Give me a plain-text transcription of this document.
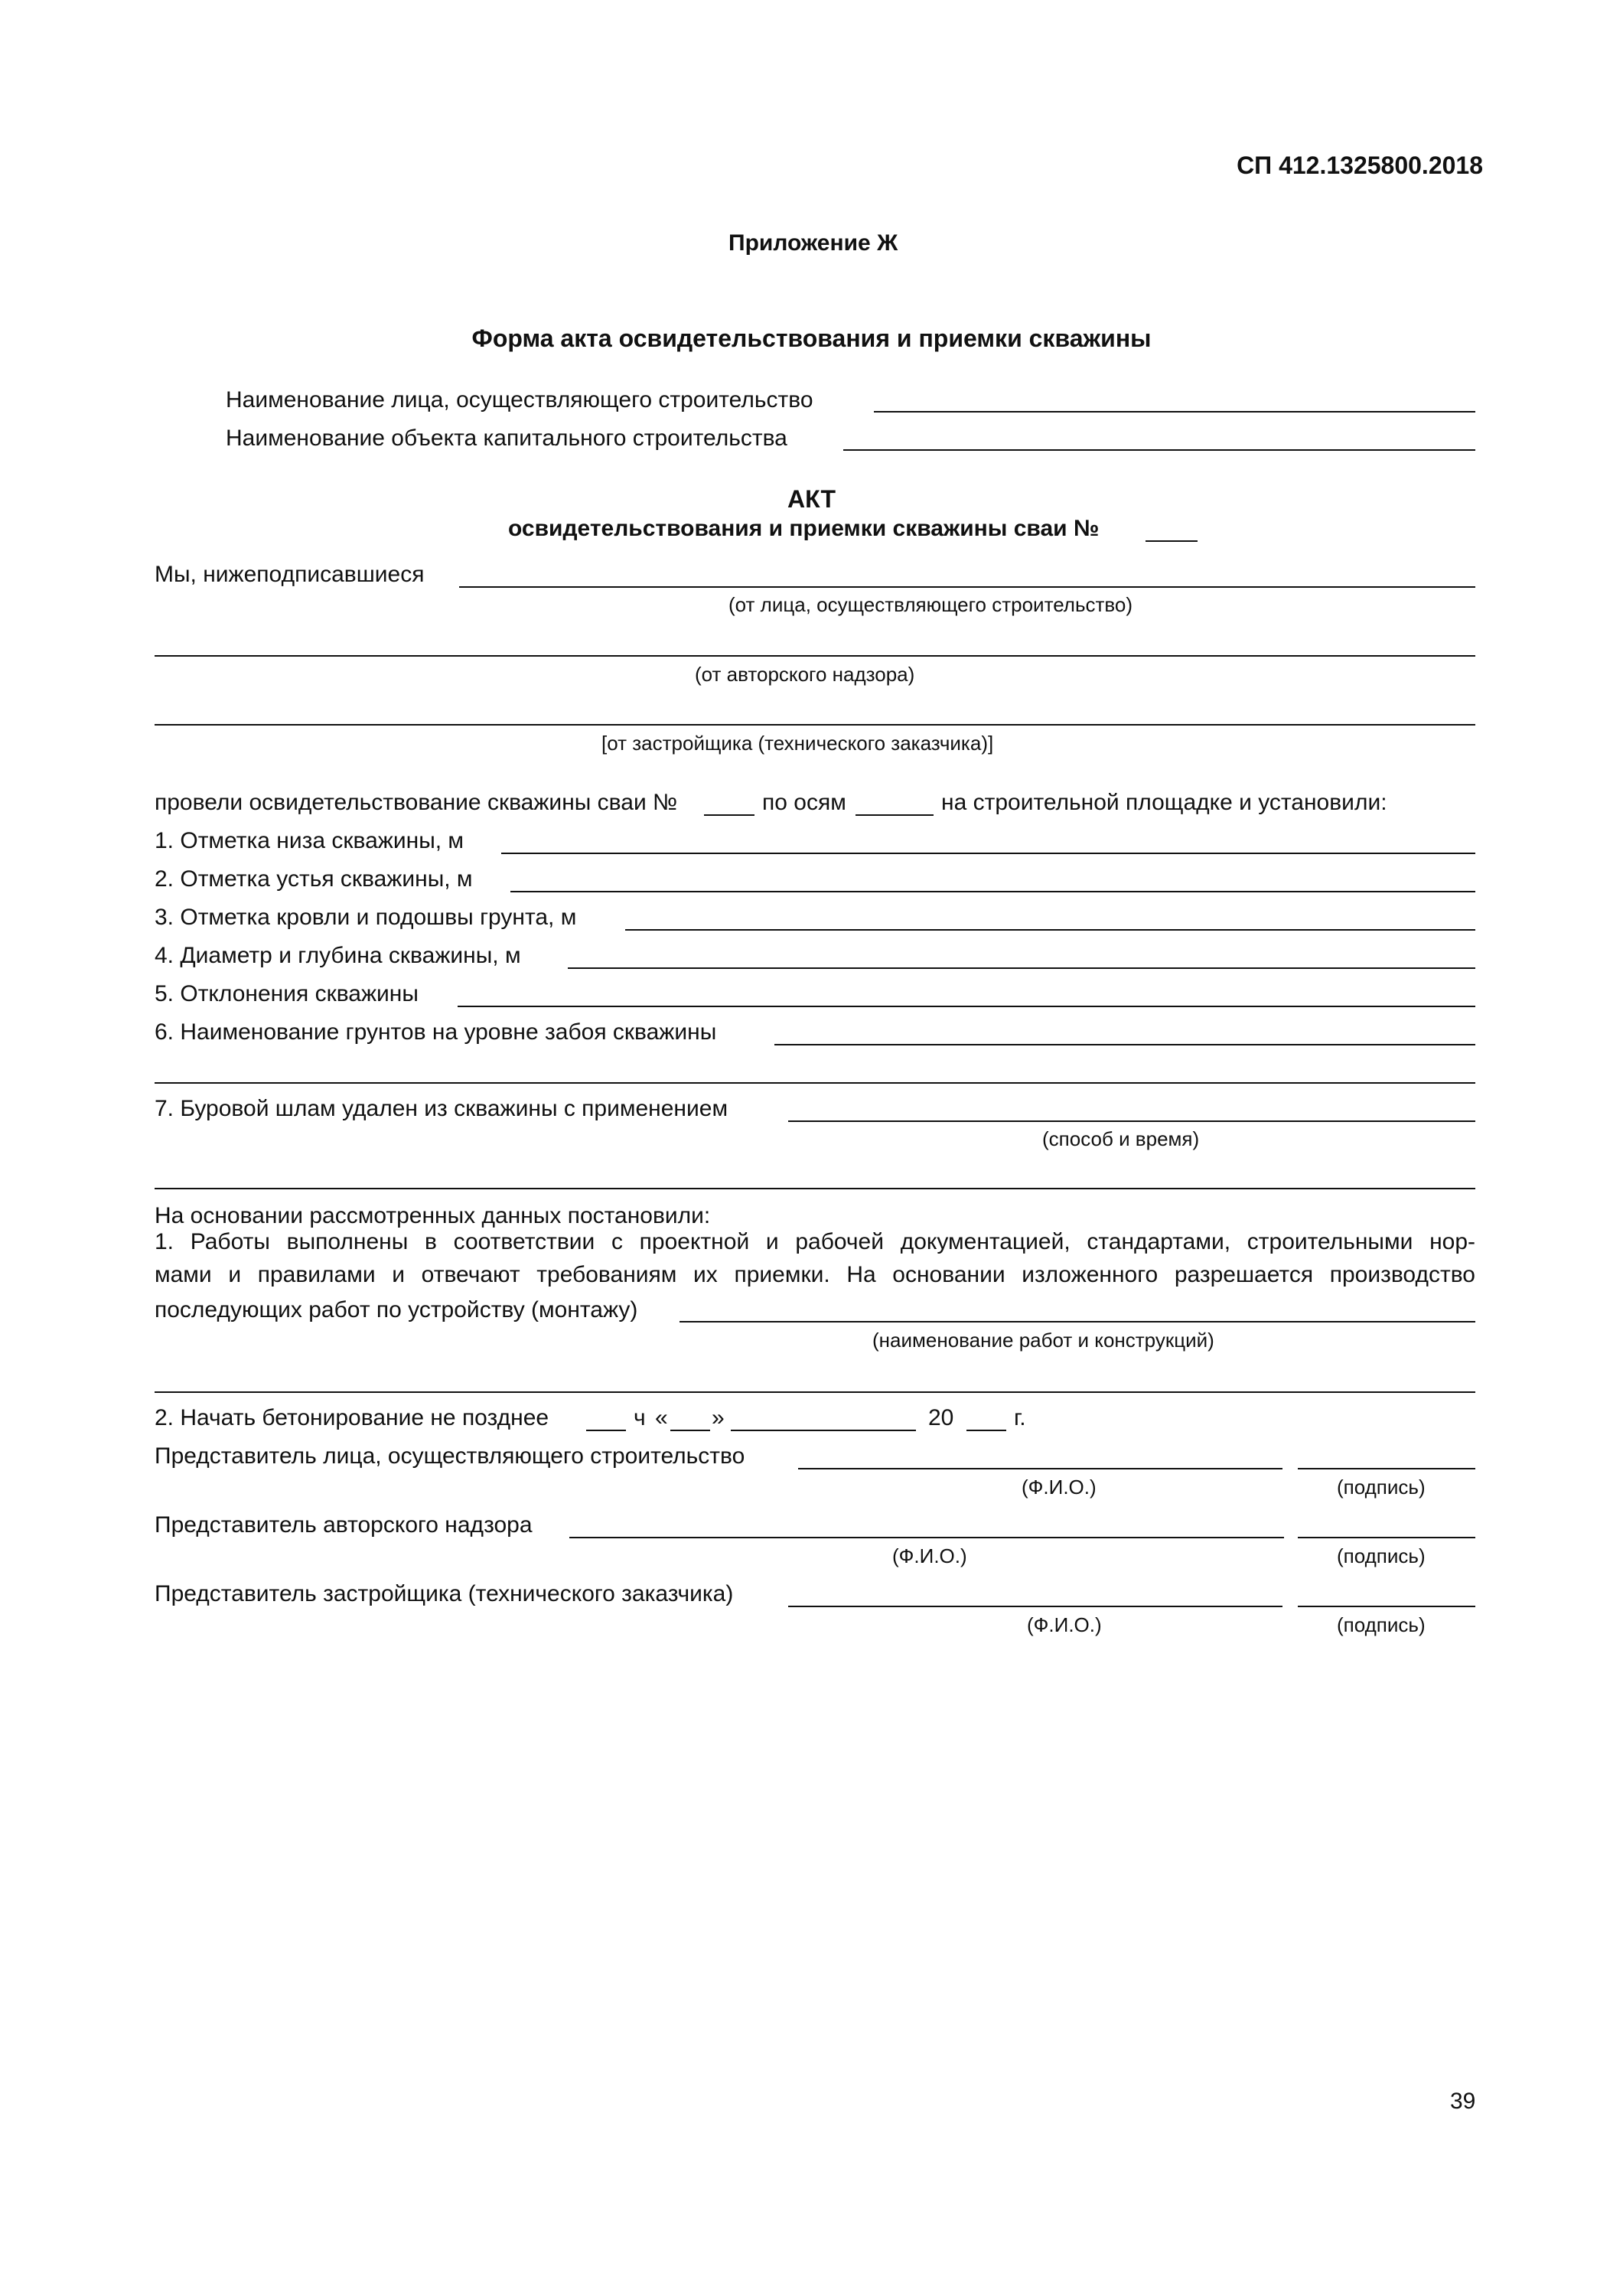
СП 412.1325800.2018
Приложение Ж
Форма акта освидетельствования и приемки скважины
Наименование лица, осуществляющего строительство
Наименование объекта капитального строительства
АКТ
освидетельствования и приемки скважины сваи №
Мы, нижеподписавшиеся
(от лица, осуществляющего строительство)
(от авторского надзора)
[от застройщика (технического заказчика)]
провели освидетельствование скважины сваи №	по осям	на строительной площадке и установили:
1. Отметка низа скважины, м
2. Отметка устья скважины, м
3. Отметка кровли и подошвы грунта, м
4. Диаметр и глубина скважины, м
5. Отклонения скважины
6. Наименование грунтов на уровне забоя скважины
7. Буровой шлам удален из скважины с применением
(способ и время)
На основании рассмотренных данных постановили:
1. Работы выполнены в соответствии с проектной и рабочей документацией, стандартами, строительными нор-
мами и правилами и отвечают требованиям их приемки. На основании изложенного разрешается производство
последующих работ по устройству (монтажу)
(наименование работ и конструкций)
2. Начать бетонирование не позднее	ч « »	20	г.
Представитель лица, осуществляющего строительство
(Ф.И.О.)	(подпись)
Представитель авторского надзора
(Ф.И.О.)	(подпись)
Представитель застройщика (технического заказчика)
(Ф.И.О.)	(подпись)
39
